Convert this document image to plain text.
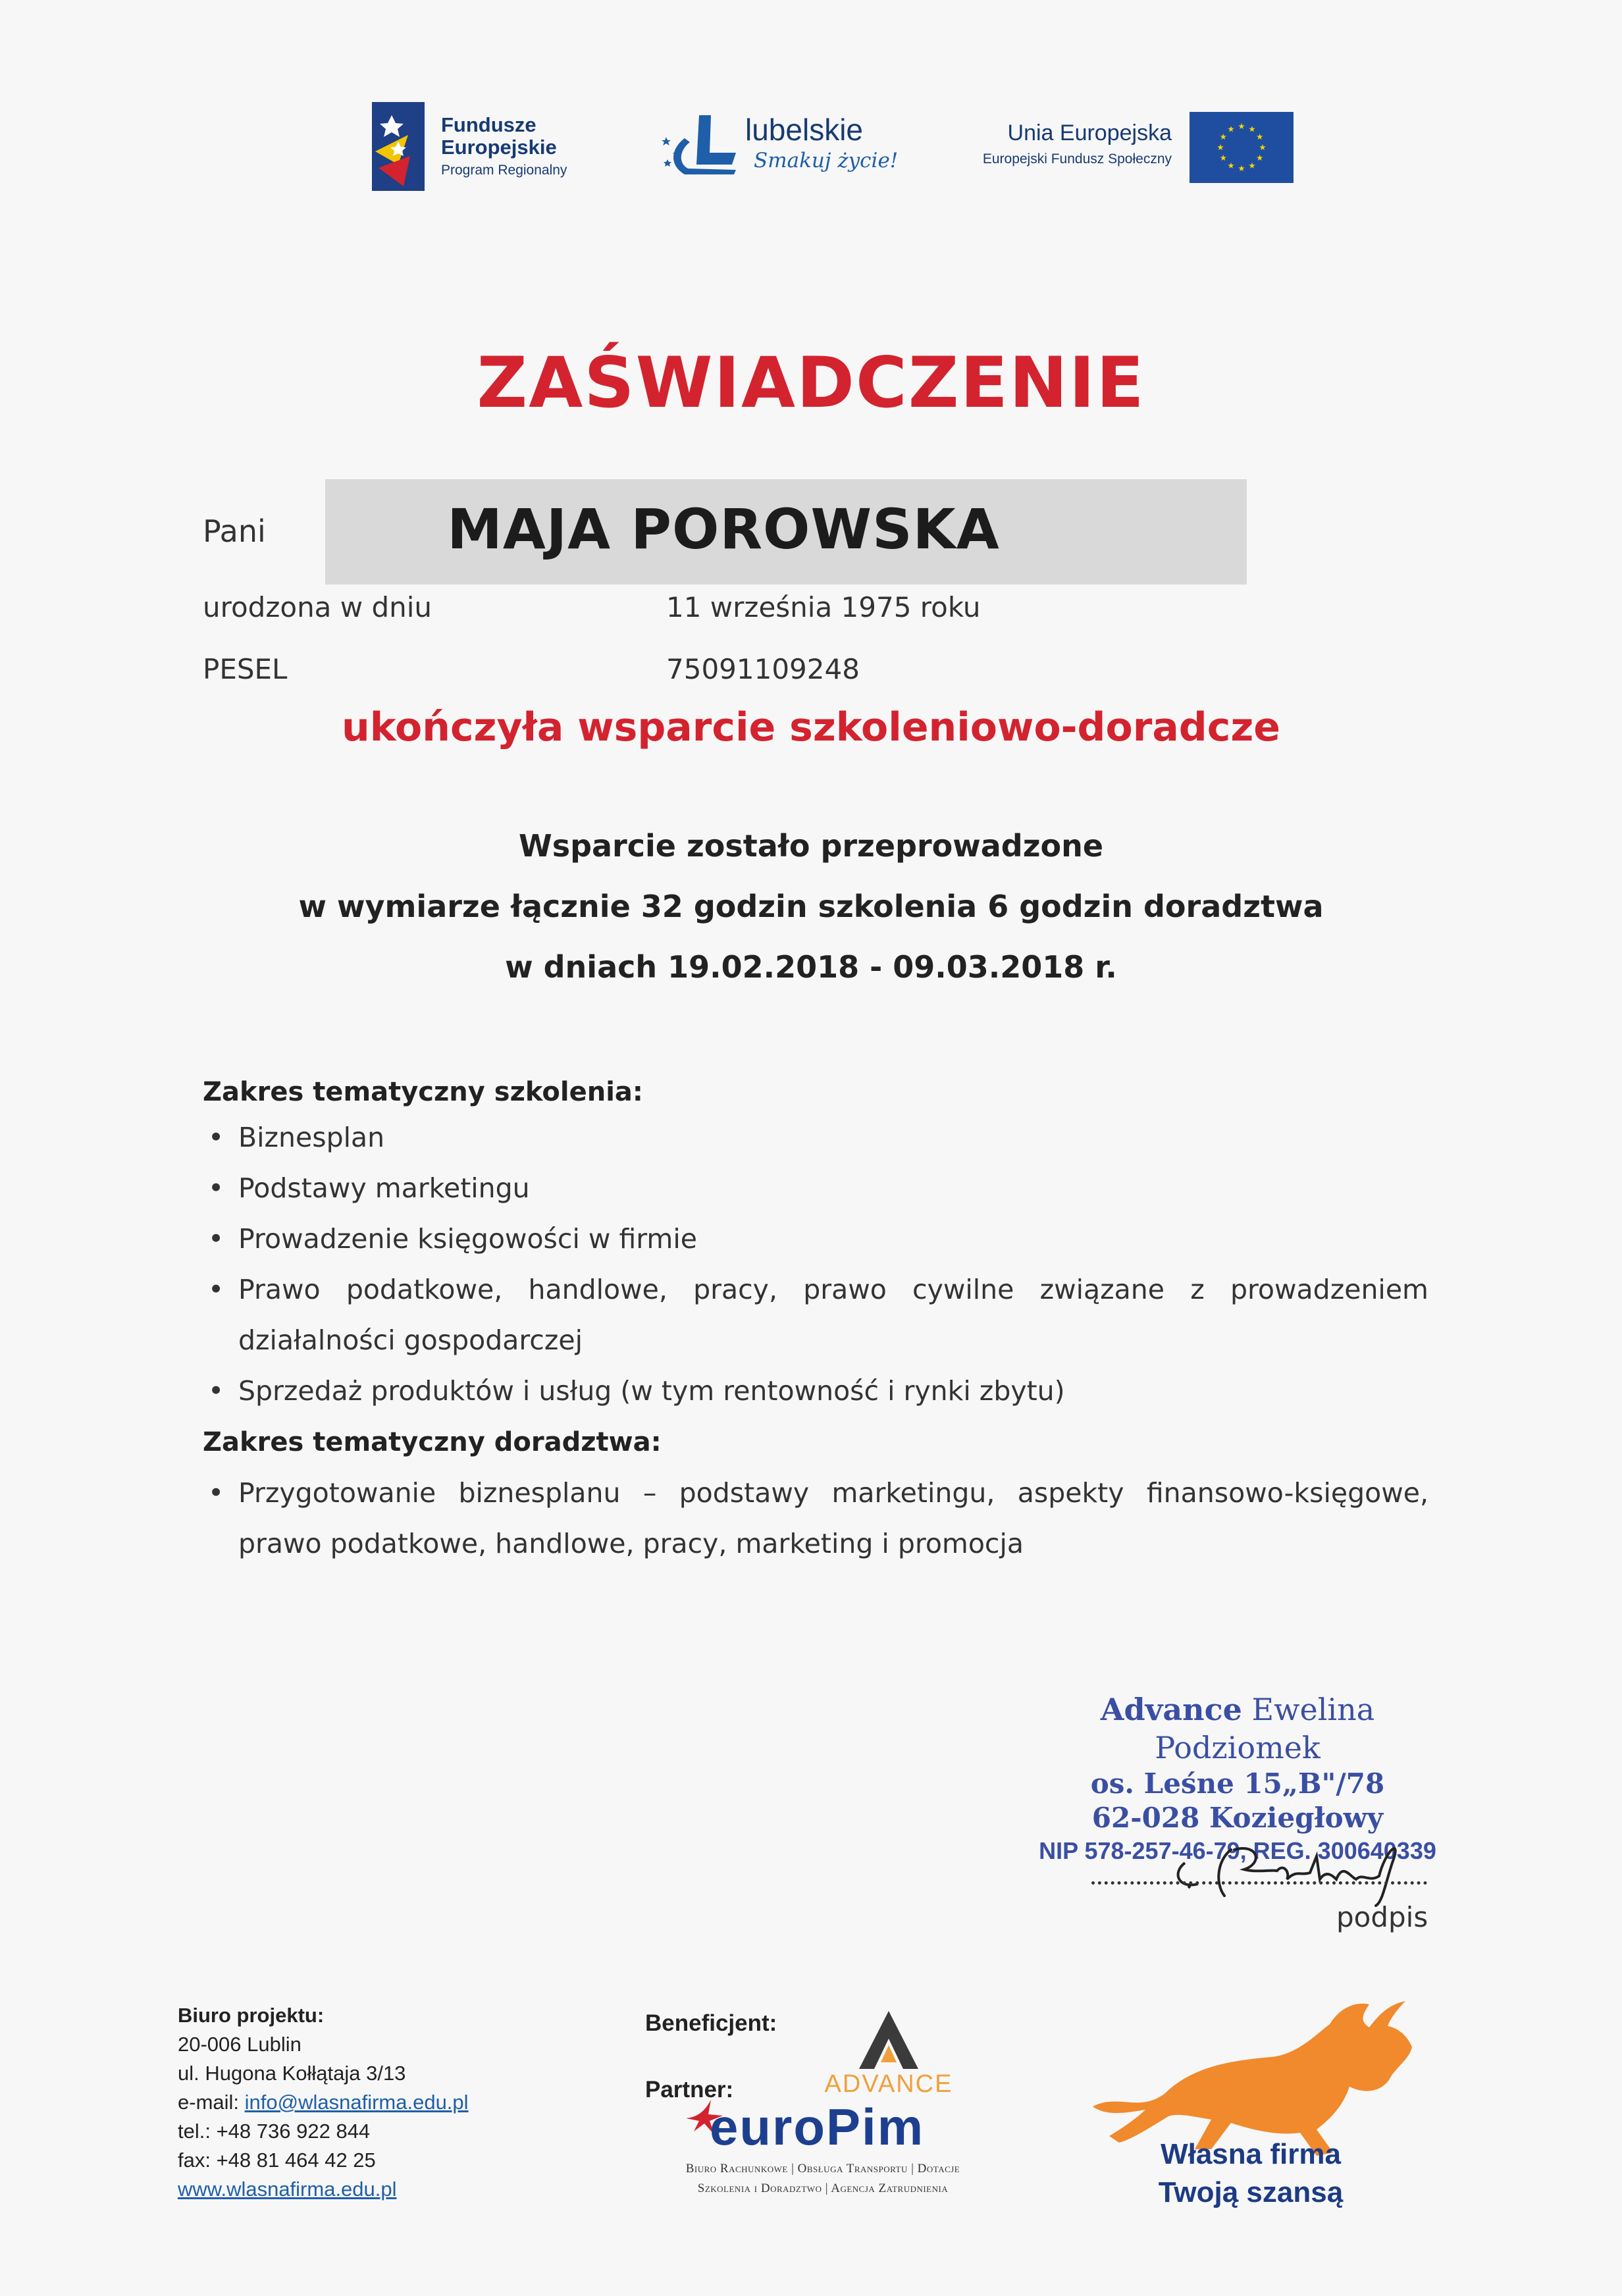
Fundusze
Europejskie
Program Regionalny
lubelskie
Smakuj życie!
Unia Europejska
Europejski Fundusz Społeczny
ZAŚWIADCZENIE
Pani	MAJA POROWSKA
urodzona w dniu	11 września 1975 roku
PESEL	75091109248
ukończyła wsparcie szkoleniowo-doradcze
Wsparcie zostało przeprowadzone
w wymiarze łącznie 32 godzin szkolenia 6 godzin doradztwa
w dniach 19.02.2018 - 09.03.2018 r.
Zakres tematyczny szkolenia:
• Biznesplan
• Podstawy marketingu
• Prowadzenie księgowości w firmie
• Prawo podatkowe, handlowe, pracy, prawo cywilne związane z prowadzeniem działalności gospodarczej
• Sprzedaż produktów i usług (w tym rentowność i rynki zbytu)
Zakres tematyczny doradztwa:
• Przygotowanie biznesplanu – podstawy marketingu, aspekty finansowo-księgowe, prawo podatkowe, handlowe, pracy, marketing i promocja
Advance Ewelina Podziomek
os. Leśne 15„B"/78
62-028 Koziegłowy
NIP 578-257-46-79, REG. 300640339
podpis
Biuro projektu:
20-006 Lublin
ul. Hugona Kołłątaja 3/13
e-mail: info@wlasnafirma.edu.pl
tel.: +48 736 922 844
fax: +48 81 464 42 25
www.wlasnafirma.edu.pl
Beneficjent:
ADVANCE
Partner:
euroPim
Biuro Rachunkowe | Obsługa Transportu | Dotacje
Szkolenia i Doradztwo | Agencja Zatrudnienia
Własna firma
Twoją szansą
